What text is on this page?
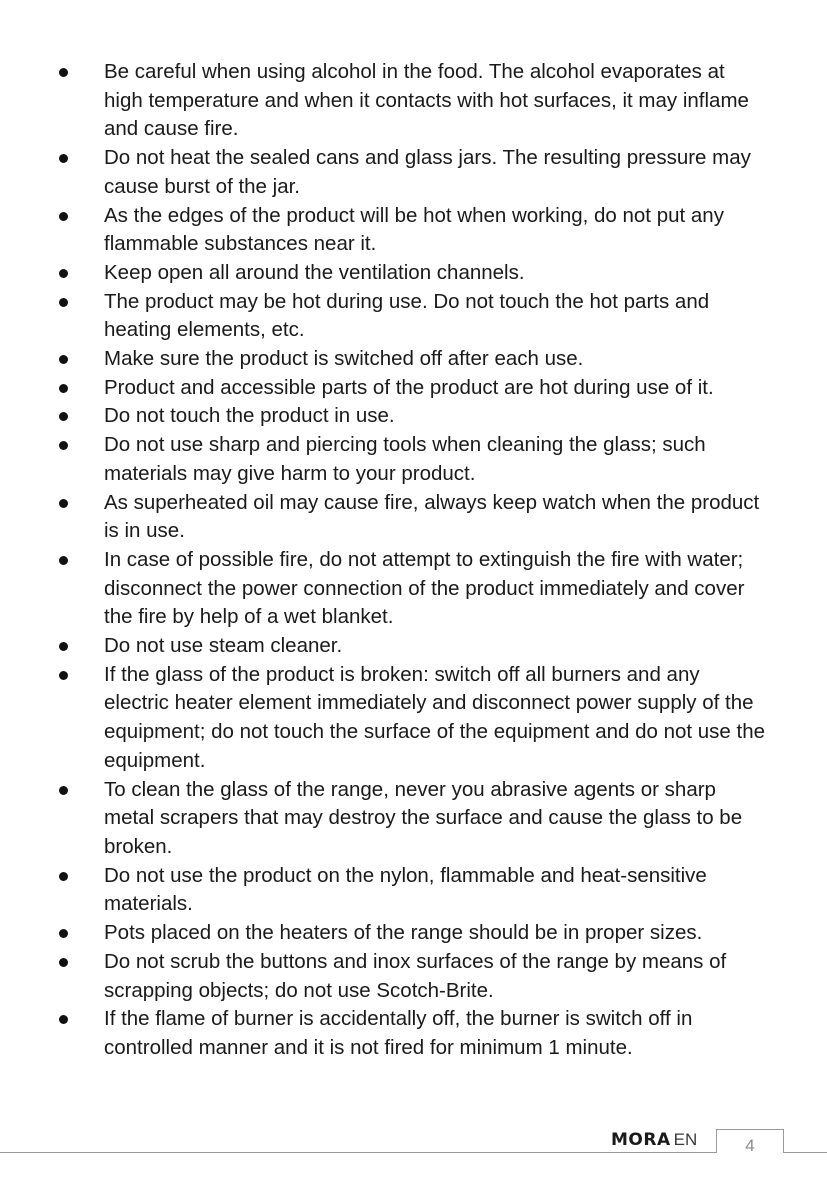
Be careful when using alcohol in the food. The alcohol evaporates at high temperature and when it contacts with hot surfaces, it may inflame and cause fire.
Do not heat the sealed cans and glass jars. The resulting pressure may cause burst of the jar.
As the edges of the product will be hot when working, do not put any flammable substances near it.
Keep open all around the ventilation channels.
The product may be hot during use. Do not touch the hot parts and heating elements, etc.
Make sure the product is switched off after each use.
Product and accessible parts of the product are hot during use of it.
Do not touch the product in use.
Do not use sharp and piercing tools when cleaning the glass; such materials may give harm to your product.
As superheated oil may cause fire, always keep watch when the product is in use.
In case of possible fire, do not attempt to extinguish the fire with water; disconnect the power connection of the product immediately and cover the fire by help of a wet blanket.
Do not use steam cleaner.
If the glass of the product is broken: switch off all burners and any electric heater element immediately and disconnect power supply of the equipment; do not touch the surface of the equipment and do not use the equipment.
To clean the glass of the range, never you abrasive agents or sharp metal scrapers that may destroy the surface and cause the glass to be broken.
Do not use the product on the nylon, flammable and heat-sensitive materials.
Pots placed on the heaters of the range should be in proper sizes.
Do not scrub the buttons and inox surfaces of the range by means of scrapping objects; do not use Scotch-Brite.
If the flame of burner is accidentally off, the burner is switch off in controlled manner and it is not fired for minimum 1 minute.
MORA EN	4
